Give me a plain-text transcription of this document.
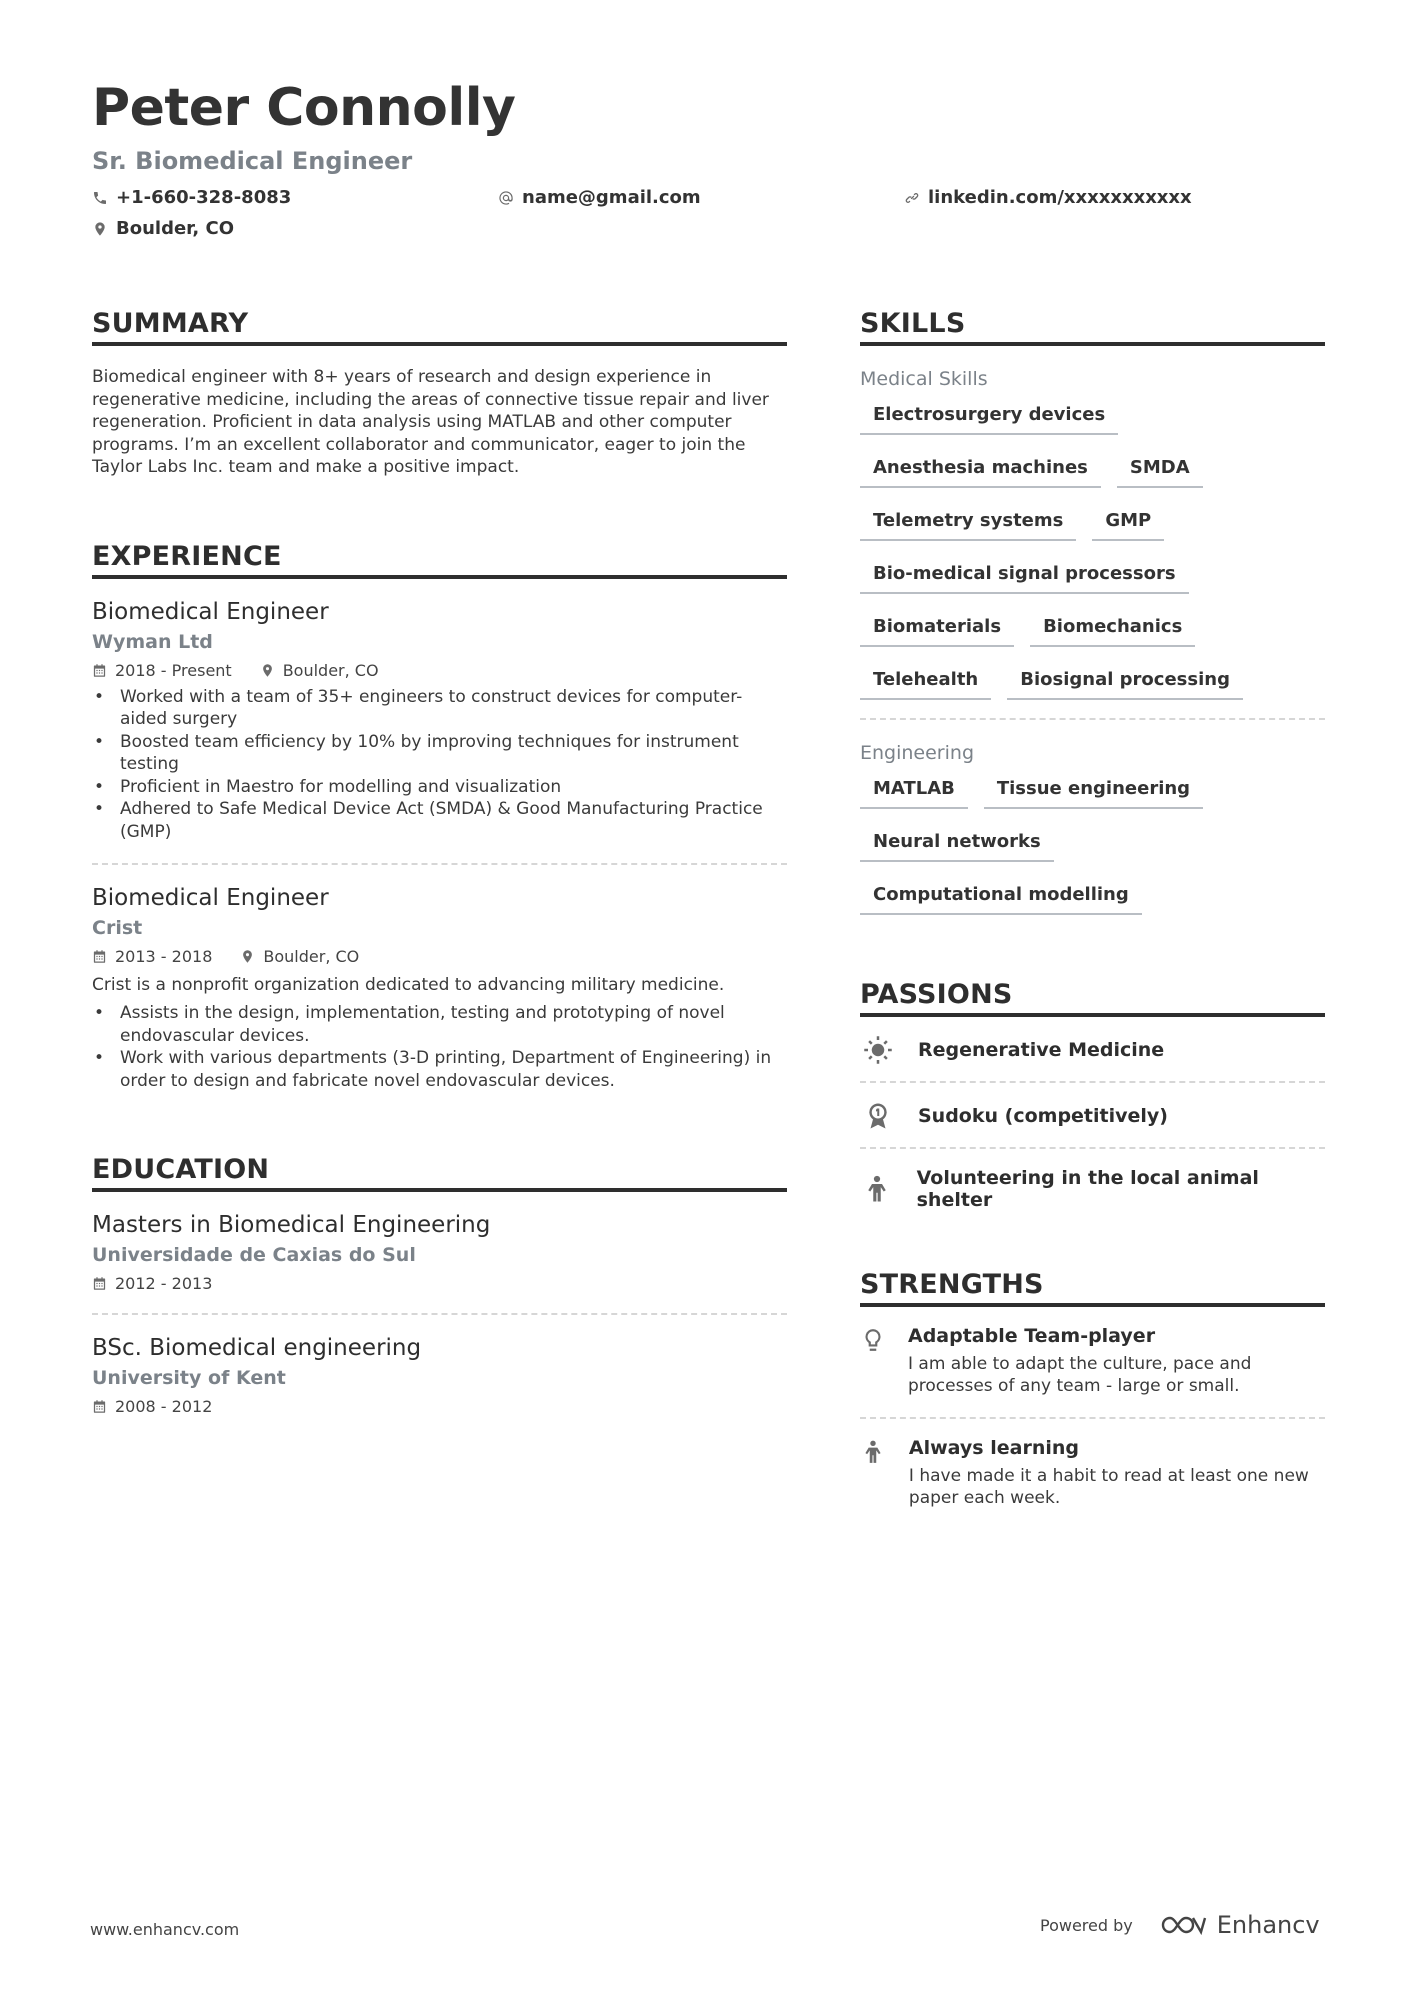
Peter Connolly
Sr. Biomedical Engineer
+1-660-328-8083	name@gmail.com	linkedin.com/xxxxxxxxxxx
Boulder, CO
SUMMARY
Biomedical engineer with 8+ years of research and design experience in regenerative medicine, including the areas of connective tissue repair and liver regeneration. Proficient in data analysis using MATLAB and other computer programs. I’m an excellent collaborator and communicator, eager to join the Taylor Labs Inc. team and make a positive impact.
EXPERIENCE
Biomedical Engineer
Wyman Ltd
2018 - Present	Boulder, CO
• Worked with a team of 35+ engineers to construct devices for computer-aided surgery
• Boosted team efficiency by 10% by improving techniques for instrument testing
• Proficient in Maestro for modelling and visualization
• Adhered to Safe Medical Device Act (SMDA) & Good Manufacturing Practice (GMP)
Biomedical Engineer
Crist
2013 - 2018	Boulder, CO
Crist is a nonprofit organization dedicated to advancing military medicine.
• Assists in the design, implementation, testing and prototyping of novel endovascular devices.
• Work with various departments (3-D printing, Department of Engineering) in order to design and fabricate novel endovascular devices.
EDUCATION
Masters in Biomedical Engineering
Universidade de Caxias do Sul
2012 - 2013
BSc. Biomedical engineering
University of Kent
2008 - 2012
SKILLS
Medical Skills
Electrosurgery devices
Anesthesia machines	SMDA
Telemetry systems	GMP
Bio-medical signal processors
Biomaterials	Biomechanics
Telehealth	Biosignal processing
Engineering
MATLAB	Tissue engineering
Neural networks
Computational modelling
PASSIONS
Regenerative Medicine
Sudoku (competitively)
Volunteering in the local animal shelter
STRENGTHS
Adaptable Team-player
I am able to adapt the culture, pace and processes of any team - large or small.
Always learning
I have made it a habit to read at least one new paper each week.
www.enhancv.com	Powered by	Enhancv
